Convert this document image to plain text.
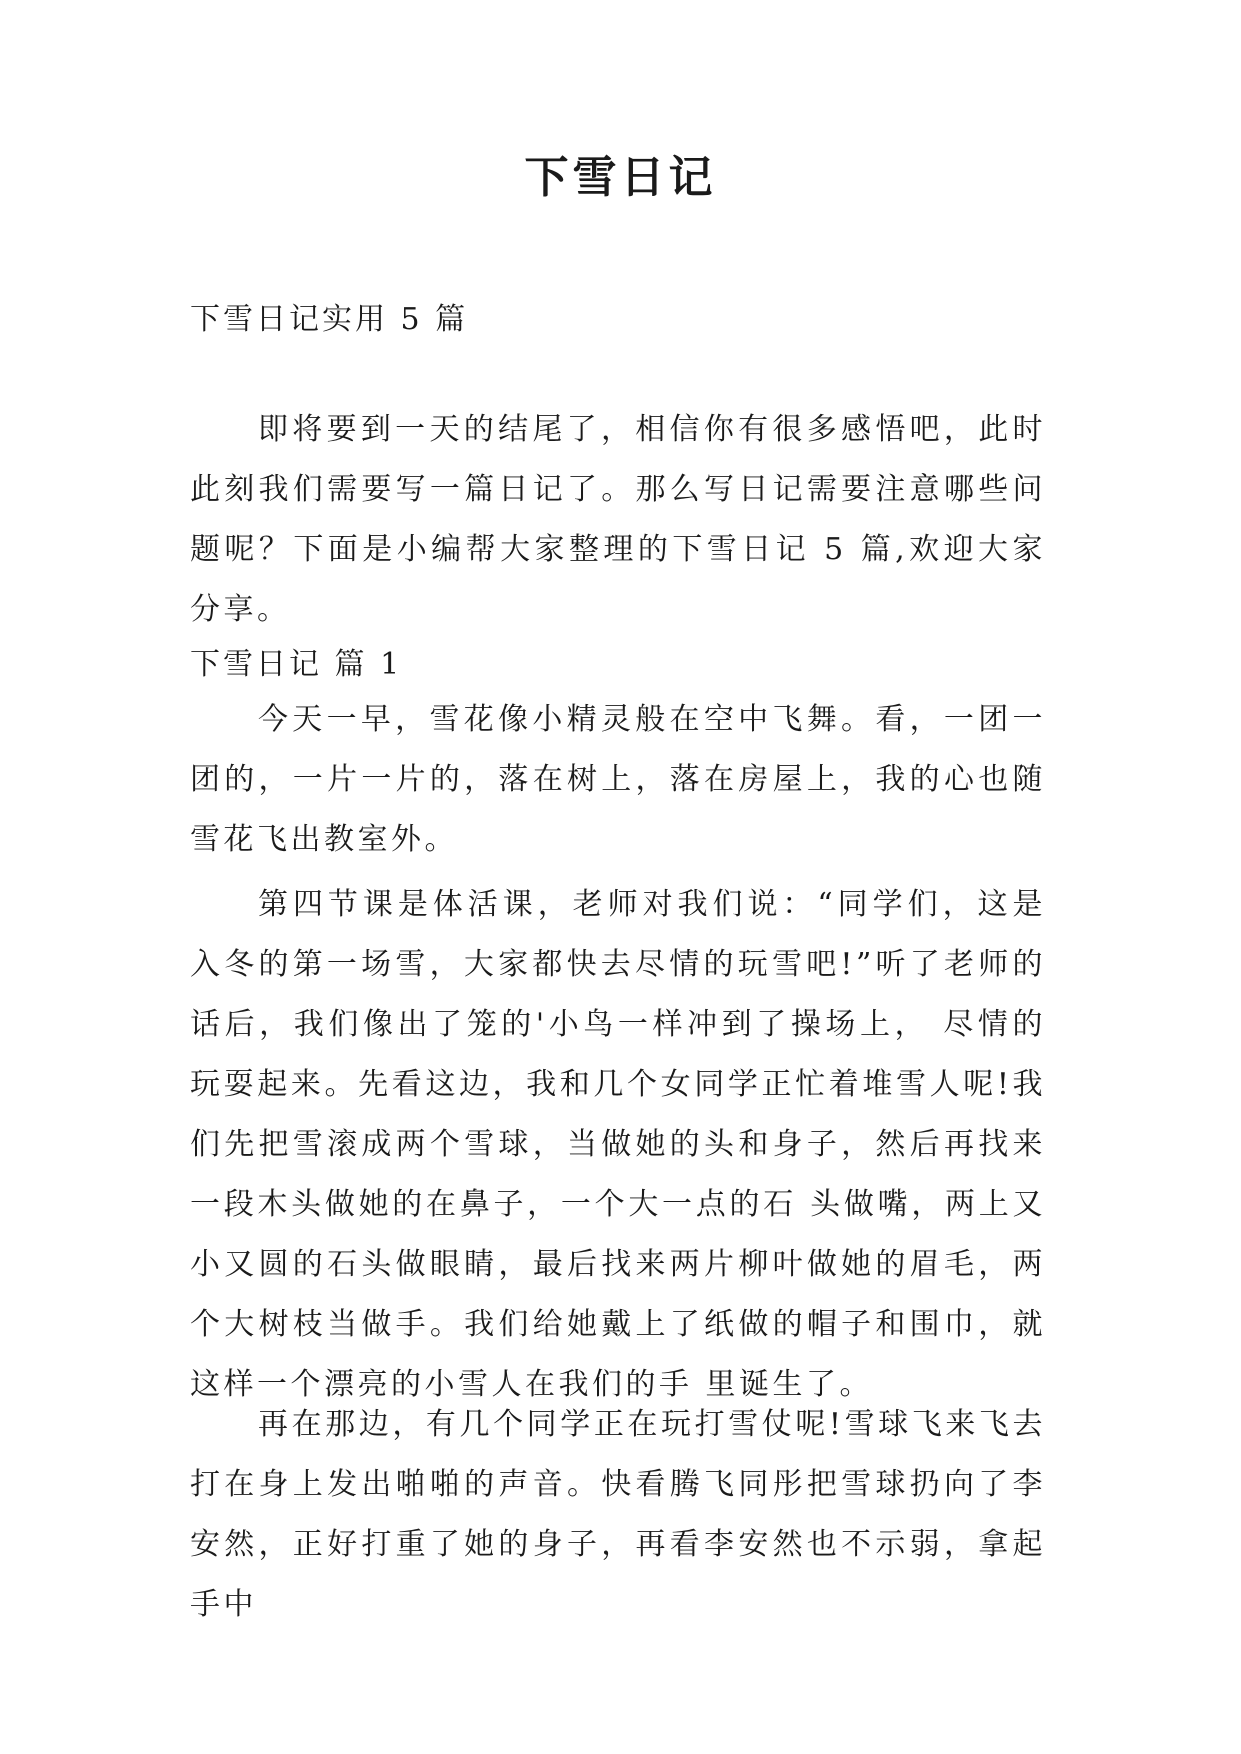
下雪日记
下雪日记实用 5 篇
即将要到一天的结尾了，相信你有很多感悟吧，此时此刻我们需要写一篇日记了。那么写日记需要注意哪些问题呢？下面是小编帮大家整理的下雪日记 5 篇,欢迎大家分享。
下雪日记 篇 1
今天一早，雪花像小精灵般在空中飞舞。看，一团一团的，一片一片的，落在树上，落在房屋上，我的心也随雪花飞出教室外。
第四节课是体活课，老师对我们说：“同学们，这是入冬的第一场雪，大家都快去尽情的玩雪吧!”听了老师的话后，我们像出了笼的'小鸟一样冲到了操场上， 尽情的玩耍起来。先看这边，我和几个女同学正忙着堆雪人呢!我们先把雪滚成两个雪球，当做她的头和身子，然后再找来一段木头做她的在鼻子，一个大一点的石 头做嘴，两上又小又圆的石头做眼睛，最后找来两片柳叶做她的眉毛，两个大树枝当做手。我们给她戴上了纸做的帽子和围巾，就这样一个漂亮的小雪人在我们的手 里诞生了。
再在那边，有几个同学正在玩打雪仗呢!雪球飞来飞去打在身上发出啪啪的声音。快看腾飞同彤把雪球扔向了李安然，正好打重了她的身子，再看李安然也不示弱，拿起手中
